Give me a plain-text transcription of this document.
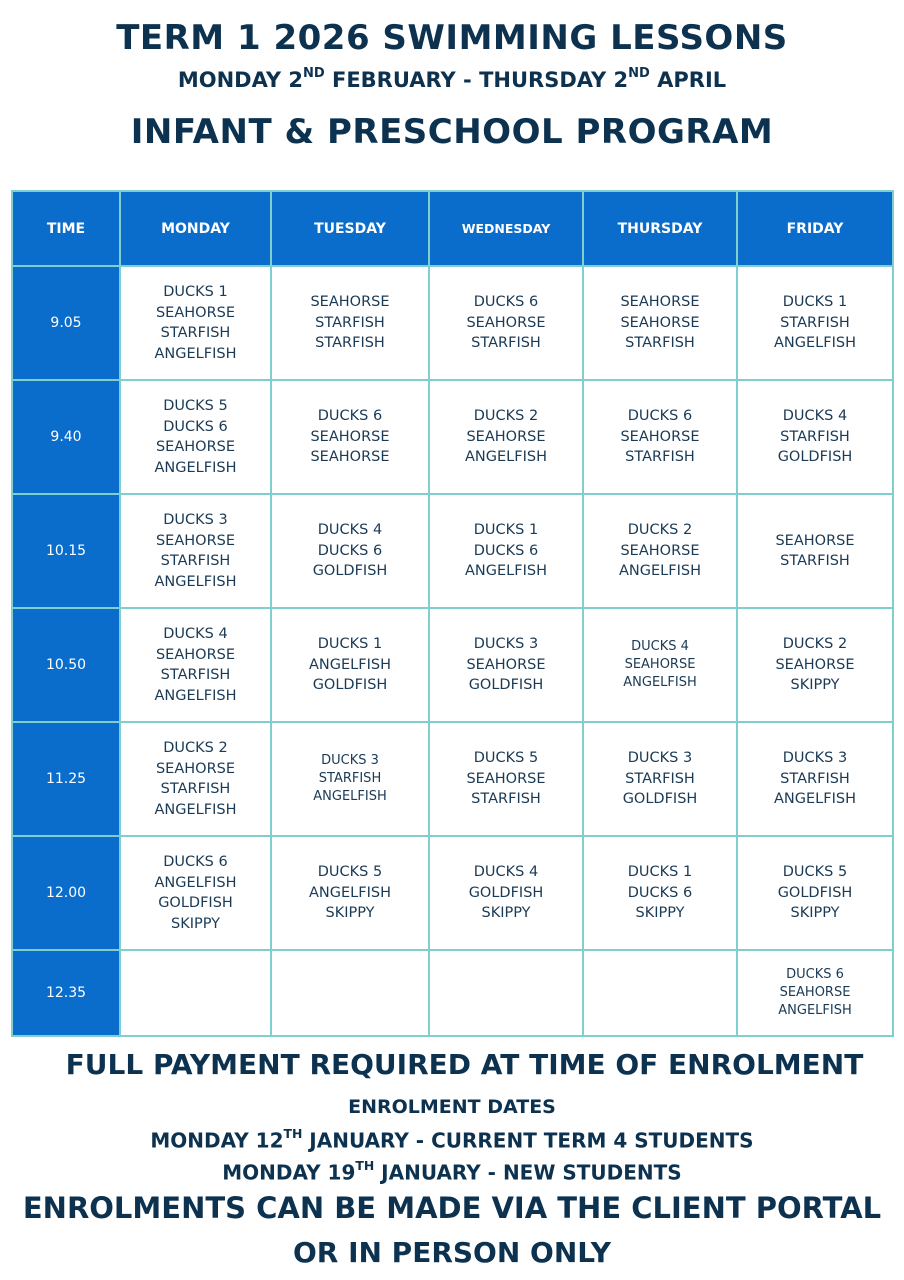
TERM 1 2026 SWIMMING LESSONS
MONDAY 2ND FEBRUARY - THURSDAY 2ND APRIL
INFANT & PRESCHOOL PROGRAM
TIME	MONDAY	TUESDAY	WEDNESDAY	THURSDAY	FRIDAY
9.05	DUCKS 1
SEAHORSE
STARFISH
ANGELFISH	SEAHORSE
STARFISH
STARFISH	DUCKS 6
SEAHORSE
STARFISH	SEAHORSE
SEAHORSE
STARFISH	DUCKS 1
STARFISH
ANGELFISH

9.40	DUCKS 5
DUCKS 6
SEAHORSE
ANGELFISH	DUCKS 6
SEAHORSE
SEAHORSE	DUCKS 2
SEAHORSE
ANGELFISH	DUCKS 6
SEAHORSE
STARFISH	DUCKS 4
STARFISH
GOLDFISH

10.15	DUCKS 3
SEAHORSE
STARFISH
ANGELFISH	DUCKS 4
DUCKS 6
GOLDFISH	DUCKS 1
DUCKS 6
ANGELFISH	DUCKS 2
SEAHORSE
ANGELFISH	SEAHORSE
STARFISH

10.50	DUCKS 4
SEAHORSE
STARFISH
ANGELFISH	DUCKS 1
ANGELFISH
GOLDFISH	DUCKS 3
SEAHORSE
GOLDFISH	DUCKS 4
SEAHORSE
ANGELFISH	DUCKS 2
SEAHORSE
SKIPPY

11.25	DUCKS 2
SEAHORSE
STARFISH
ANGELFISH	DUCKS 3
STARFISH
ANGELFISH	DUCKS 5
SEAHORSE
STARFISH	DUCKS 3
STARFISH
GOLDFISH	DUCKS 3
STARFISH
ANGELFISH

12.00	DUCKS 6
ANGELFISH
GOLDFISH
SKIPPY	DUCKS 5
ANGELFISH
SKIPPY	DUCKS 4
GOLDFISH
SKIPPY	DUCKS 1
DUCKS 6
SKIPPY	DUCKS 5
GOLDFISH
SKIPPY

12.35					DUCKS 6
SEAHORSE
ANGELFISH
FULL PAYMENT REQUIRED AT TIME OF ENROLMENT
ENROLMENT DATES
MONDAY 12TH JANUARY - CURRENT TERM 4 STUDENTS
MONDAY 19TH JANUARY - NEW STUDENTS
ENROLMENTS CAN BE MADE VIA THE CLIENT PORTAL
OR IN PERSON ONLY
